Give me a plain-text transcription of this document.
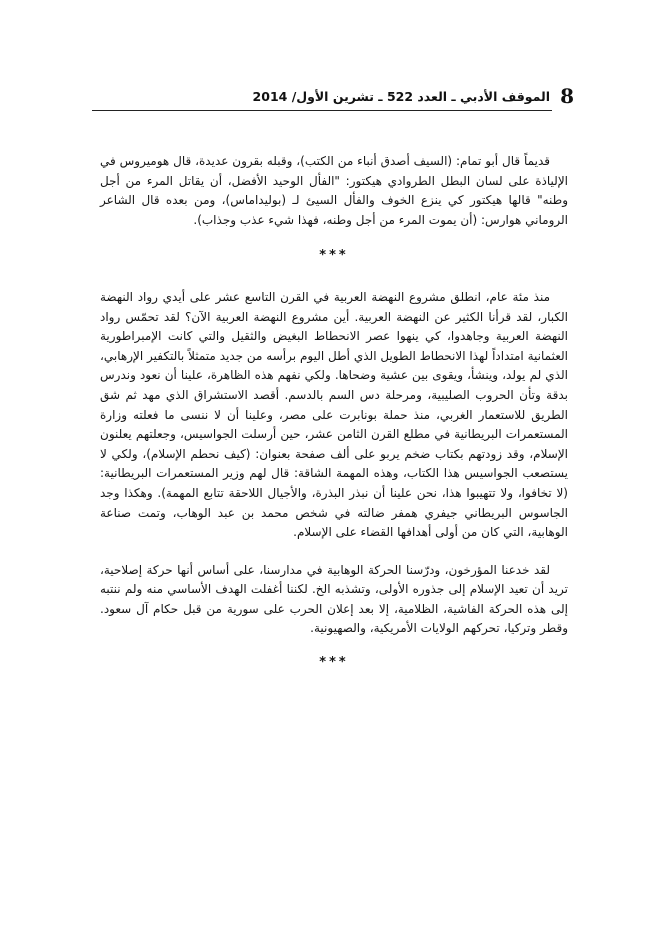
8
الموقف الأدبي ـ العدد 522 ـ تشرين الأول/ 2014

قديماً قال أبو تمام: (السيف أصدق أنباء من الكتب)، وقبله بقرون عديدة، قال هوميروس في الإلياذة على لسان البطل الطروادي هيكتور: "الفأل الوحيد الأفضل، أن يقاتل المرء من أجل وطنه" قالها هيكتور كي ينزع الخوف والفأل السيئ لـ (بوليداماس)، ومن بعده قال الشاعر الروماني هوارس: (أن يموت المرء من أجل وطنه، فهذا شيء عذب وجذاب).

***

منذ مئة عام، انطلق مشروع النهضة العربية في القرن التاسع عشر على أيدي رواد النهضة الكبار، لقد قرأنا الكثير عن النهضة العربية. أين مشروع النهضة العربية الآن؟ لقد تحمّس رواد النهضة العربية وجاهدوا، كي ينهوا عصر الانحطاط البغيض والثقيل والتي كانت الإمبراطورية العثمانية امتداداً لهذا الانحطاط الطويل الذي أطل اليوم برأسه من جديد متمثلاً بالتكفير الإرهابي، الذي لم يولد، وينشأ، ويقوى بين عشية وضحاها. ولكي نفهم هذه الظاهرة، علينا أن نعود وندرس بدقة وتأن الحروب الصليبية، ومرحلة دس السم بالدسم. أقصد الاستشراق الذي مهد ثم شق الطريق للاستعمار الغربي، منذ حملة بونابرت على مصر، وعلينا أن لا ننسى ما فعلته وزارة المستعمرات البريطانية في مطلع القرن الثامن عشر، حين أرسلت الجواسيس، وجعلتهم يعلنون الإسلام، وقد زودتهم بكتاب ضخم يربو على ألف صفحة بعنوان: (كيف نحطم الإسلام)، ولكي لا يستصعب الجواسيس هذا الكتاب، وهذه المهمة الشاقة: قال لهم وزير المستعمرات البريطانية: (لا تخافوا، ولا تتهيبوا هذا، نحن علينا أن نبذر البذرة، والأجيال اللاحقة تتابع المهمة). وهكذا وجد الجاسوس البريطاني جيفري همفر ضالته في شخص محمد بن عبد الوهاب، وتمت صناعة الوهابية، التي كان من أولى أهدافها القضاء على الإسلام.

لقد خدعنا المؤرخون، ودرّسنا الحركة الوهابية في مدارسنا، على أساس أنها حركة إصلاحية، تريد أن تعيد الإسلام إلى جذوره الأولى، وتشذبه الخ. لكننا أغفلت الهدف الأساسي منه ولم ننتبه إلى هذه الحركة الفاشية، الظلامية، إلا بعد إعلان الحرب على سورية من قبل حكام آل سعود. وقطر وتركيا، تحركهم الولايات الأمريكية، والصهيونية.

***
